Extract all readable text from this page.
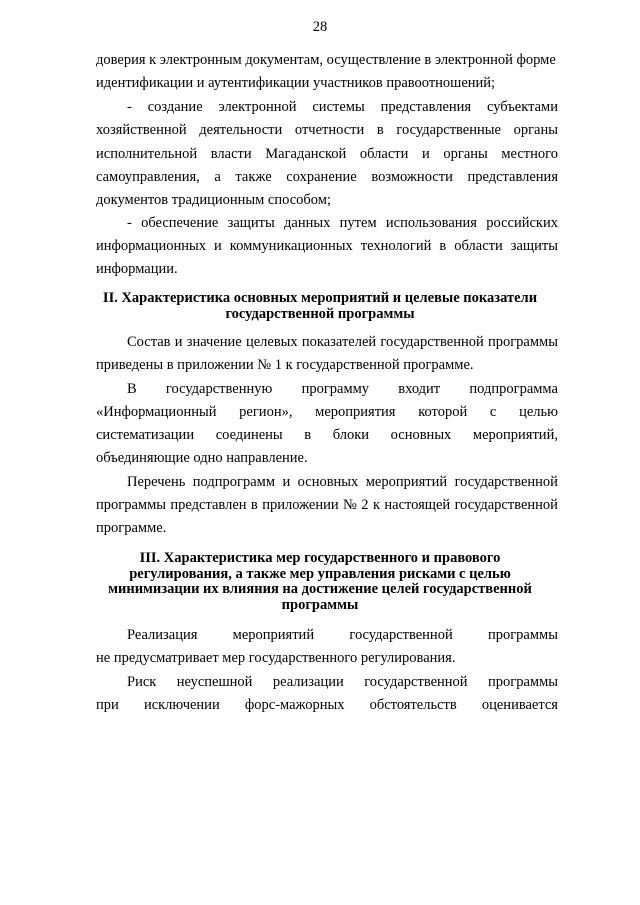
28
доверия к электронным документам, осуществление в электронной форме
идентификации и аутентификации участников правоотношений;
- создание электронной системы представления субъектами
хозяйственной деятельности отчетности в государственные органы
исполнительной власти Магаданской области и органы местного
самоуправления, а также сохранение возможности представления
документов традиционным способом;
- обеспечение защиты данных путем использования российских
информационных и коммуникационных технологий в области защиты
информации.
II. Характеристика основных мероприятий и целевые показатели
государственной программы
Состав и значение целевых показателей государственной программы
приведены в приложении № 1 к государственной программе.
В государственную программу входит подпрограмма
«Информационный регион», мероприятия которой с целью
систематизации соединены в блоки основных мероприятий,
объединяющие одно направление.
Перечень подпрограмм и основных мероприятий государственной
программы представлен в приложении № 2 к настоящей государственной
программе.
III. Характеристика мер государственного и правового
регулирования, а также мер управления рисками с целью
минимизации их влияния на достижение целей государственной
программы
Реализация мероприятий государственной программы
не предусматривает мер государственного регулирования.
Риск неуспешной реализации государственной программы
при исключении форс-мажорных обстоятельств оценивается
